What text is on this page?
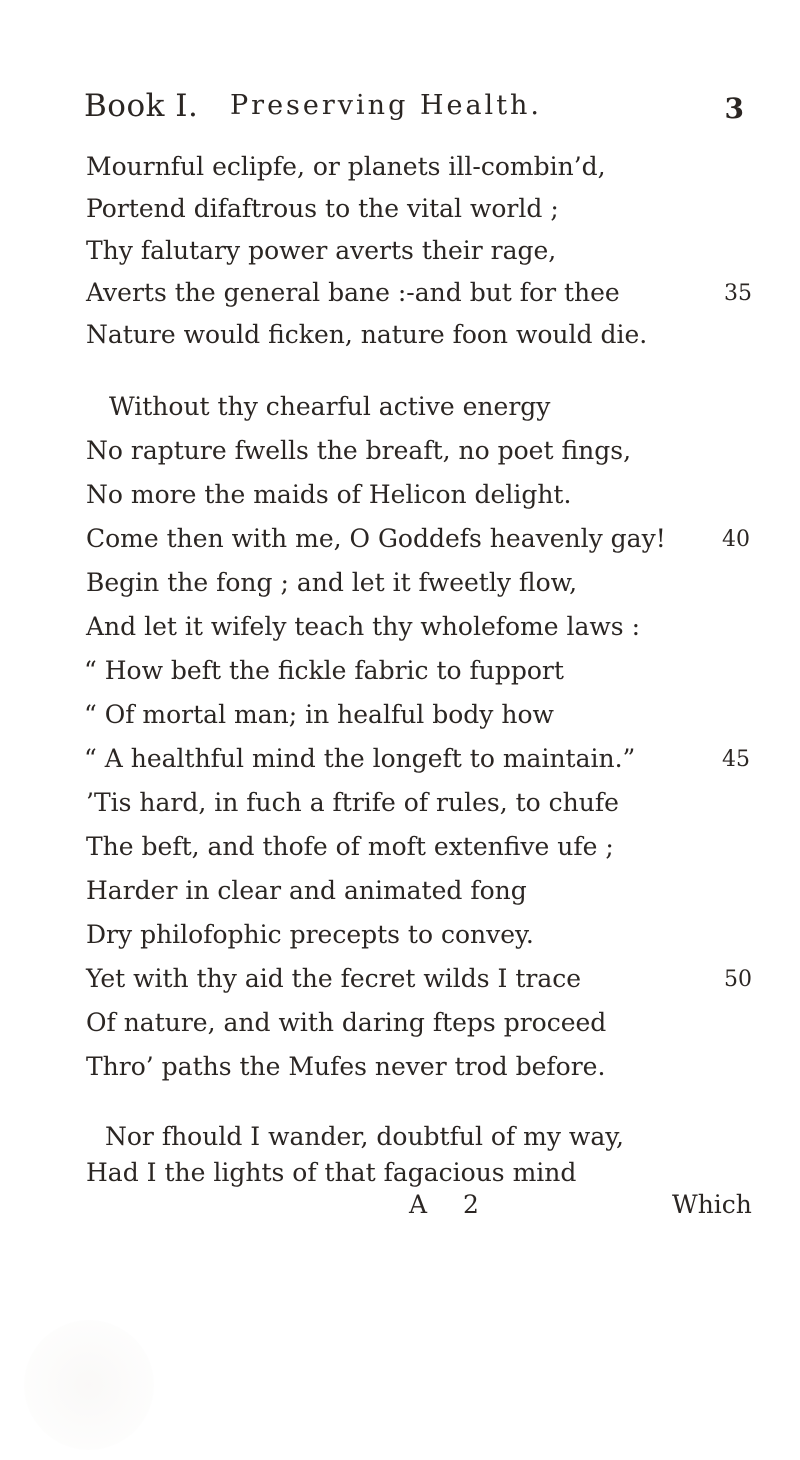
Book I. Preserving Health.	3
Mournful eclipfe, or planets ill-combin’d,
Portend difaftrous to the vital world ;
Thy falutary power averts their rage,
Averts the general bane :-and but for thee
Nature would ficken, nature foon would die.
Without thy chearful active energy
No rapture fwells the breaft, no poet fings,
No more the maids of Helicon delight.
Come then with me, O Goddefs heavenly gay!
Begin the fong ; and let it fweetly flow,
And let it wifely teach thy wholefome laws :
“ How beft the fickle fabric to fupport
“ Of mortal man; in healful body how
“ A healthful mind the longeft to maintain.”
’Tis hard, in fuch a ftrife of rules, to chufe
The beft, and thofe of moft extenfive ufe ;
Harder in clear and animated fong
Dry philofophic precepts to convey.
Yet with thy aid the fecret wilds I trace
Of nature, and with daring fteps proceed
Thro’ paths the Mufes never trod before.
Nor fhould I wander, doubtful of my way,
Had I the lights of that fagacious mind
35
40
45
50
A 2	Which
